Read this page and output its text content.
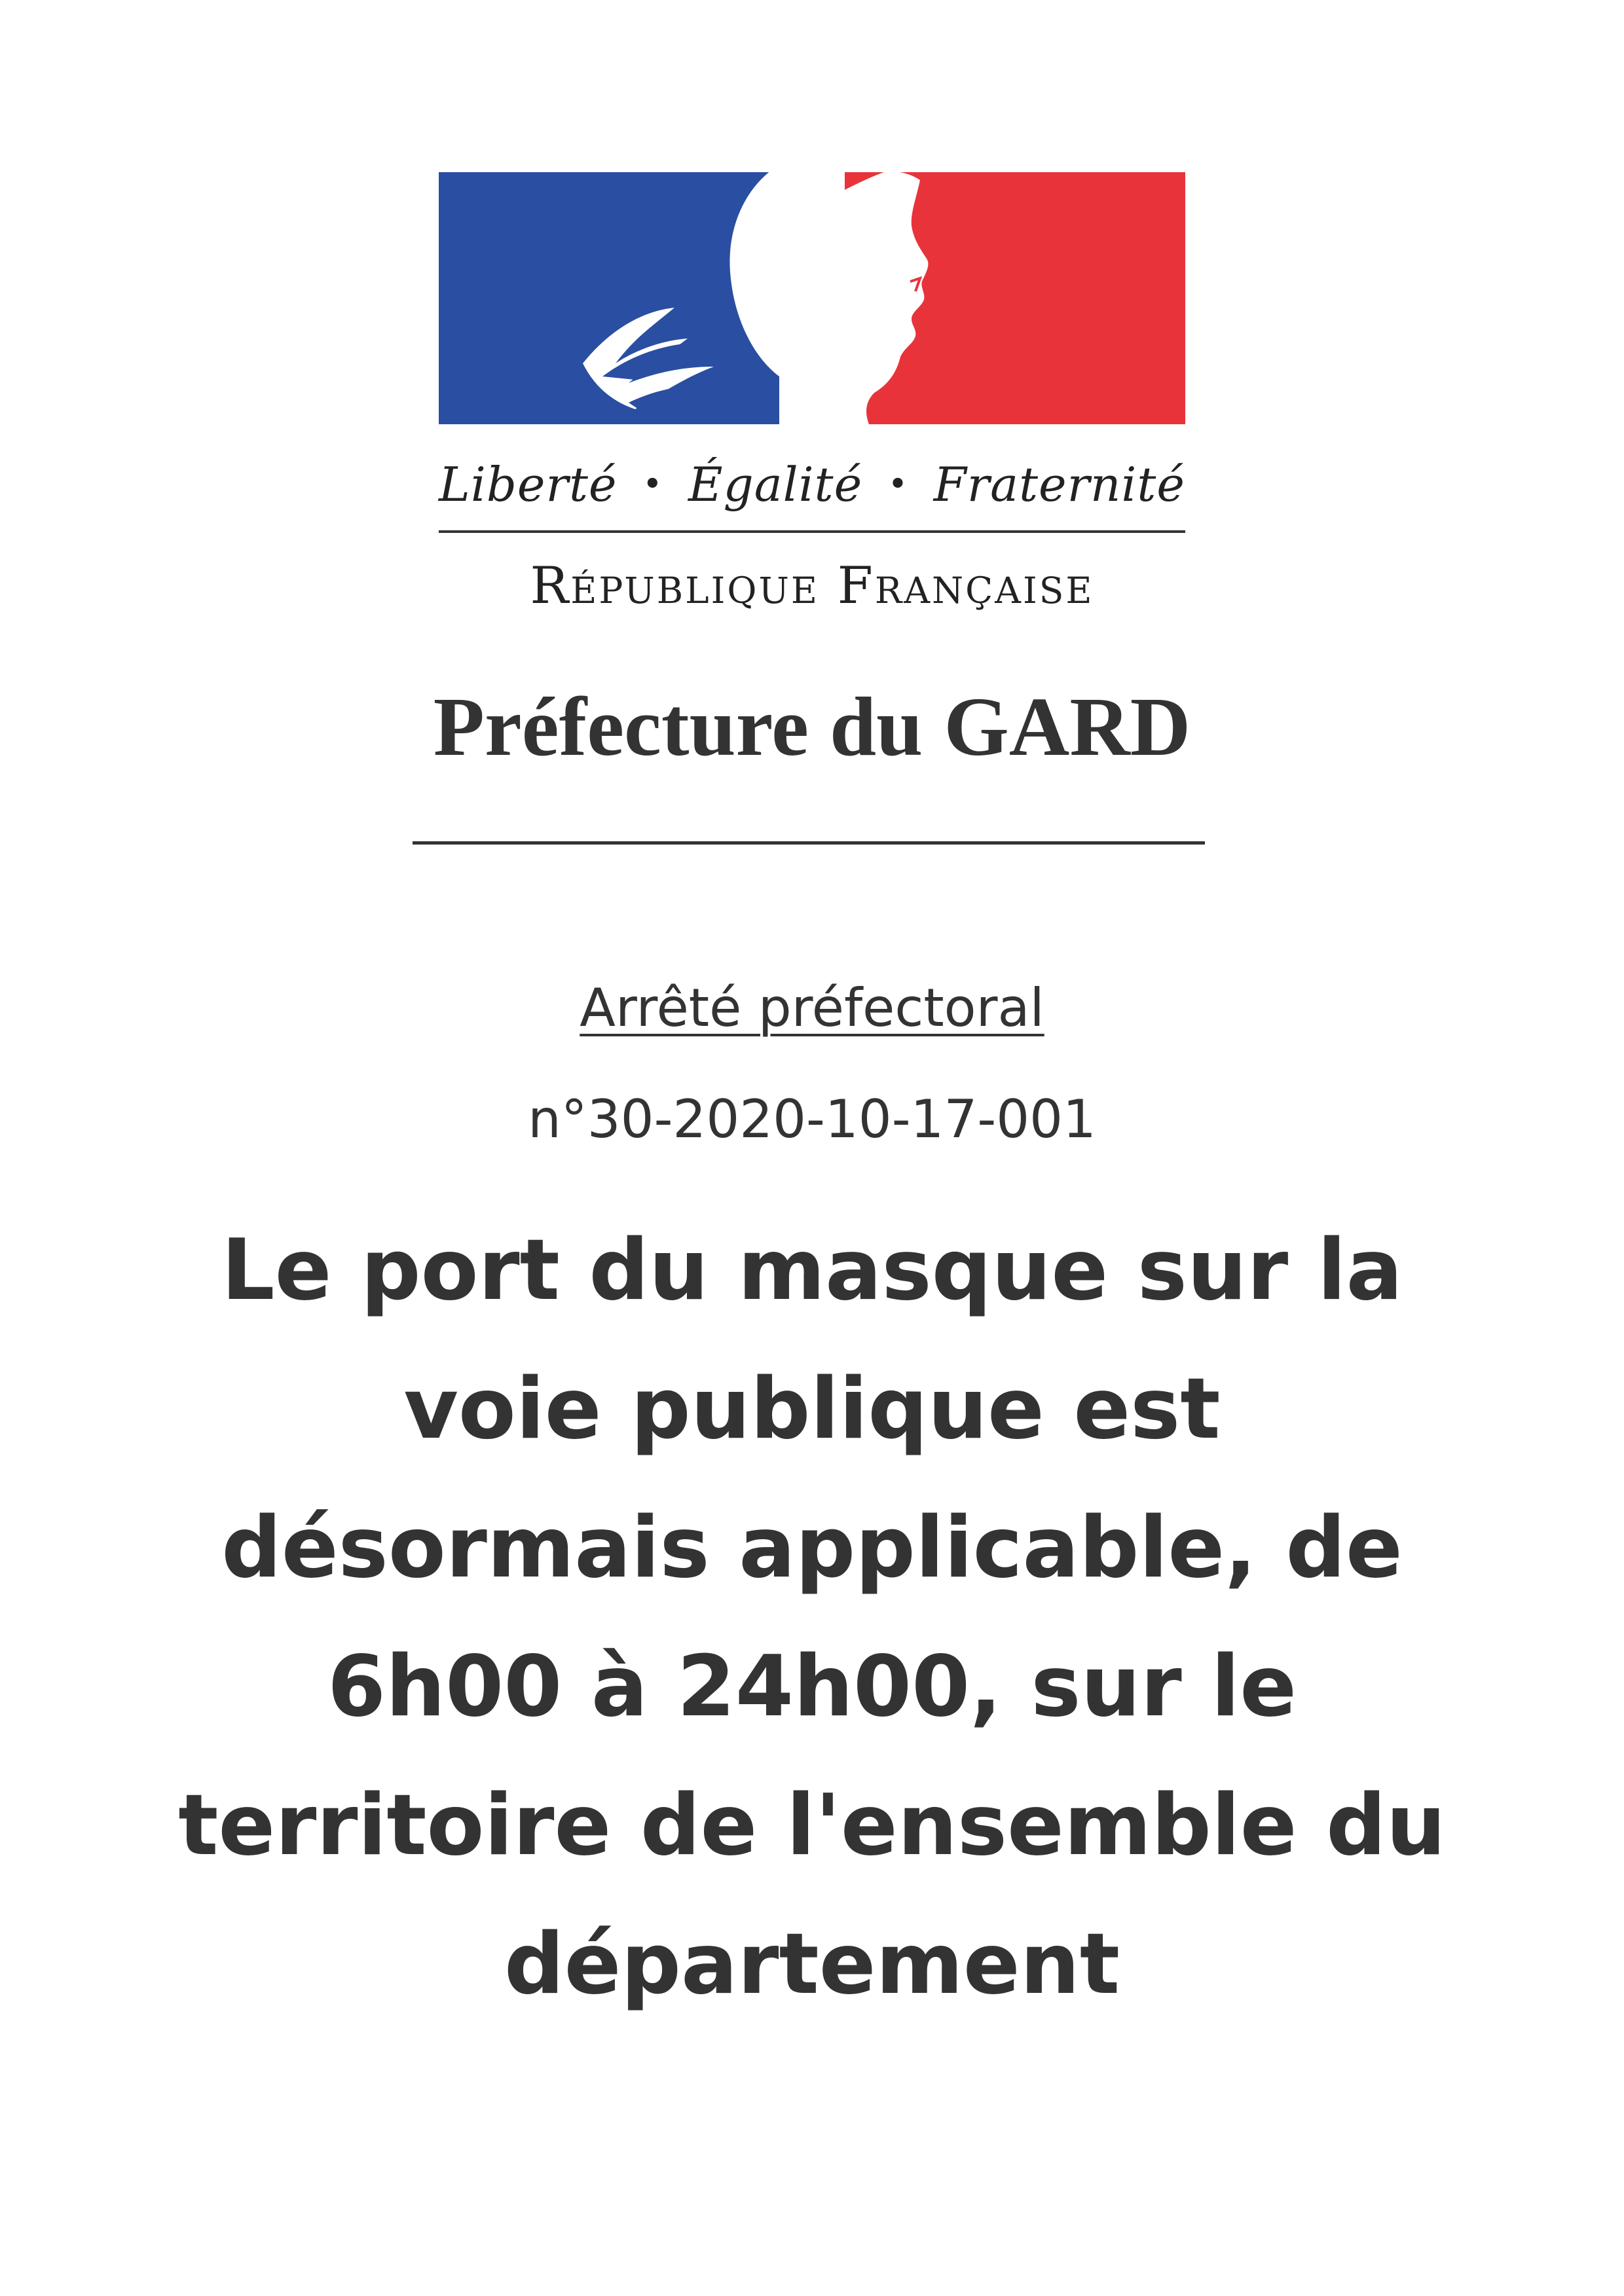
Liberté • Égalité • Fraternité
République Française
Préfecture du GARD
Arrêté préfectoral
n°30-2020-10-17-001
Le port du masque sur la
voie publique est
désormais applicable, de
6h00 à 24h00, sur le
territoire de l'ensemble du
département
